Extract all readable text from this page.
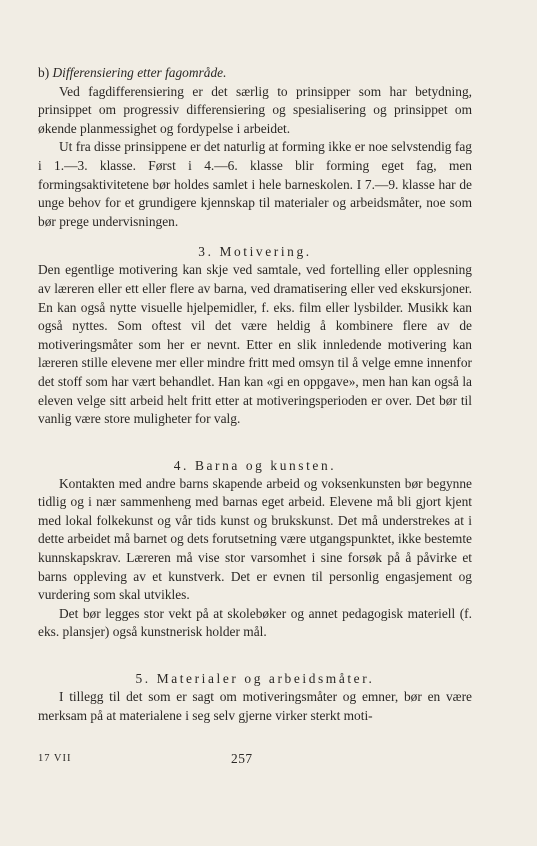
b) Differensiering etter fagområde.

Ved fagdifferensiering er det særlig to prinsipper som har betydning, prinsippet om progressiv differensiering og spesialisering og prinsippet om økende planmessighet og fordypelse i arbeidet.

Ut fra disse prinsippene er det naturlig at forming ikke er noe selvstendig fag i 1.—3. klasse. Først i 4.—6. klasse blir forming eget fag, men formingsaktivitetene bør holdes samlet i hele barneskolen. I 7.—9. klasse har de unge behov for et grundigere kjennskap til materialer og arbeidsmåter, noe som bør prege undervisningen.

3. Motivering.

Den egentlige motivering kan skje ved samtale, ved fortelling eller opplesning av læreren eller ett eller flere av barna, ved dramatisering eller ved ekskursjoner. En kan også nytte visuelle hjelpemidler, f. eks. film eller lysbilder. Musikk kan også nyttes. Som oftest vil det være heldig å kombinere flere av de motiveringsmåter som her er nevnt. Etter en slik innledende motivering kan læreren stille elevene mer eller mindre fritt med omsyn til å velge emne innenfor det stoff som har vært behandlet. Han kan «gi en oppgave», men han kan også la eleven velge sitt arbeid helt fritt etter at motiveringsperioden er over. Det bør til vanlig være store muligheter for valg.

4. Barna og kunsten.

Kontakten med andre barns skapende arbeid og voksenkunsten bør begynne tidlig og i nær sammenheng med barnas eget arbeid. Elevene må bli gjort kjent med lokal folkekunst og vår tids kunst og brukskunst. Det må understrekes at i dette arbeidet må barnet og dets forutsetning være utgangspunktet, ikke bestemte kunnskapskrav. Læreren må vise stor varsomhet i sine forsøk på å påvirke et barns oppleving av et kunstverk. Det er evnen til personlig engasjement og vurdering som skal utvikles.

Det bør legges stor vekt på at skolebøker og annet pedagogisk materiell (f. eks. plansjer) også kunstnerisk holder mål.

5. Materialer og arbeidsmåter.

I tillegg til det som er sagt om motiveringsmåter og emner, bør en være merksam på at materialene i seg selv gjerne virker sterkt moti-

17 VII	257
